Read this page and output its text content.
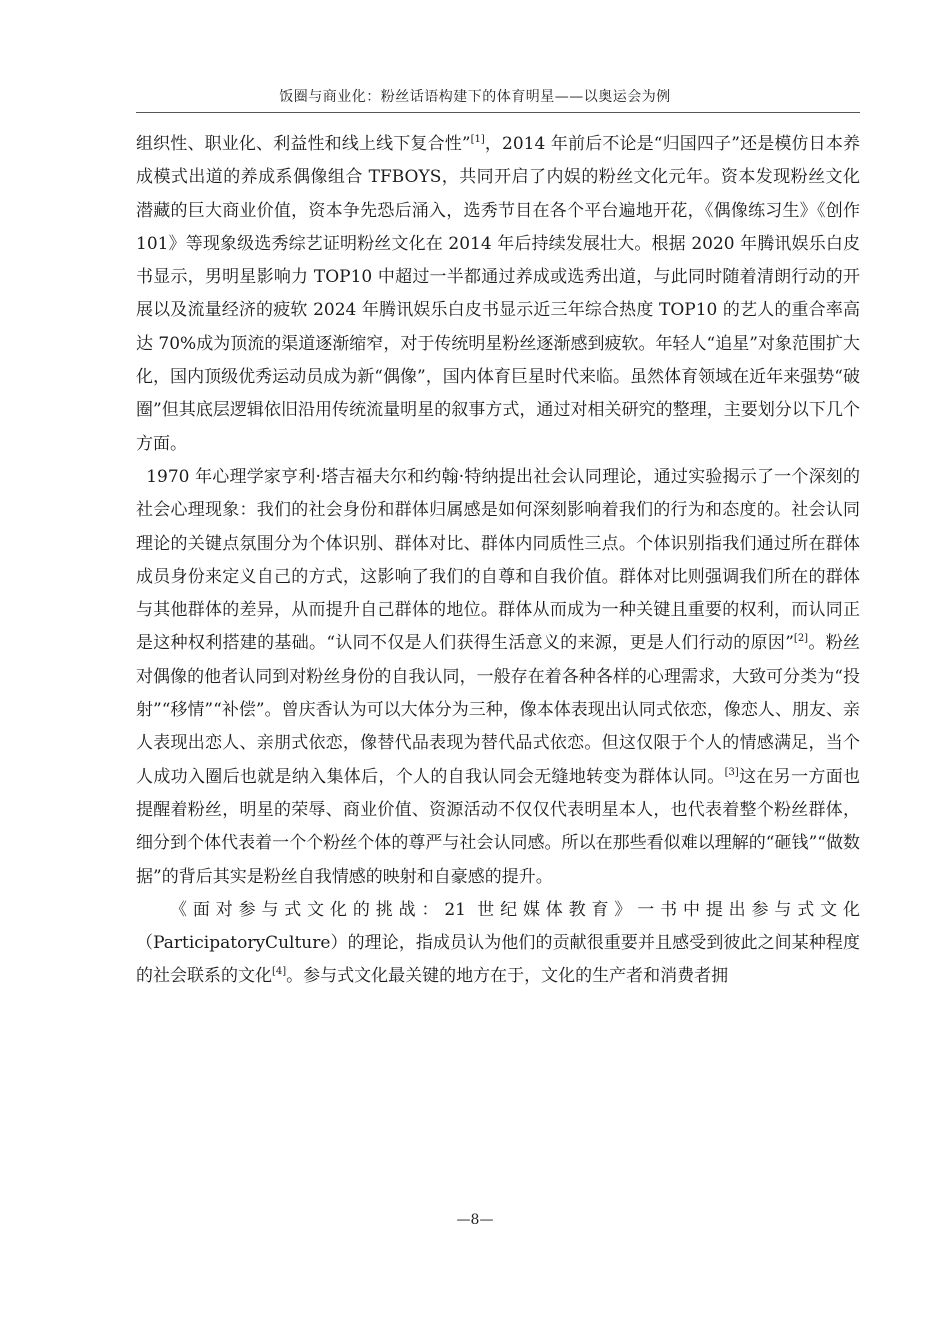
饭圈与商业化：粉丝话语构建下的体育明星——以奥运会为例

组织性、职业化、利益性和线上线下复合性”[1]，2014 年前后不论是“归国四子”还是模仿日本养成模式出道的养成系偶像组合 TFBOYS，共同开启了内娱的粉丝文化元年。资本发现粉丝文化潜藏的巨大商业价值，资本争先恐后涌入，选秀节目在各个平台遍地开花，《偶像练习生》《创作 101》等现象级选秀综艺证明粉丝文化在 2014 年后持续发展壮大。根据 2020 年腾讯娱乐白皮书显示，男明星影响力 TOP10 中超过一半都通过养成或选秀出道，与此同时随着清朗行动的开展以及流量经济的疲软 2024 年腾讯娱乐白皮书显示近三年综合热度 TOP10 的艺人的重合率高达 70%成为顶流的渠道逐渐缩窄，对于传统明星粉丝逐渐感到疲软。年轻人“追星”对象范围扩大化，国内顶级优秀运动员成为新“偶像”，国内体育巨星时代来临。虽然体育领域在近年来强势“破圈”但其底层逻辑依旧沿用传统流量明星的叙事方式，通过对相关研究的整理，主要划分以下几个方面。

1970 年心理学家亨利·塔吉福夫尔和约翰·特纳提出社会认同理论，通过实验揭示了一个深刻的社会心理现象：我们的社会身份和群体归属感是如何深刻影响着我们的行为和态度的。社会认同理论的关键点氛围分为个体识别、群体对比、群体内同质性三点。个体识别指我们通过所在群体成员身份来定义自己的方式，这影响了我们的自尊和自我价值。群体对比则强调我们所在的群体与其他群体的差异，从而提升自己群体的地位。群体从而成为一种关键且重要的权利，而认同正是这种权利搭建的基础。“认同不仅是人们获得生活意义的来源，更是人们行动的原因”[2]。粉丝对偶像的他者认同到对粉丝身份的自我认同，一般存在着各种各样的心理需求，大致可分类为“投射”“移情”“补偿”。曾庆香认为可以大体分为三种，像本体表现出认同式依恋，像恋人、朋友、亲人表现出恋人、亲朋式依恋，像替代品表现为替代品式依恋。但这仅限于个人的情感满足，当个人成功入圈后也就是纳入集体后，个人的自我认同会无缝地转变为群体认同。[3]这在另一方面也提醒着粉丝，明星的荣辱、商业价值、资源活动不仅仅代表明星本人，也代表着整个粉丝群体，细分到个体代表着一个个粉丝个体的尊严与社会认同感。所以在那些看似难以理解的“砸钱”“做数据”的背后其实是粉丝自我情感的映射和自豪感的提升。

《面对参与式文化的挑战：21 世纪媒体教育》一书中提出参与式文化（ParticipatoryCulture）的理论，指成员认为他们的贡献很重要并且感受到彼此之间某种程度的社会联系的文化[4]。参与式文化最关键的地方在于，文化的生产者和消费者拥

—8—
